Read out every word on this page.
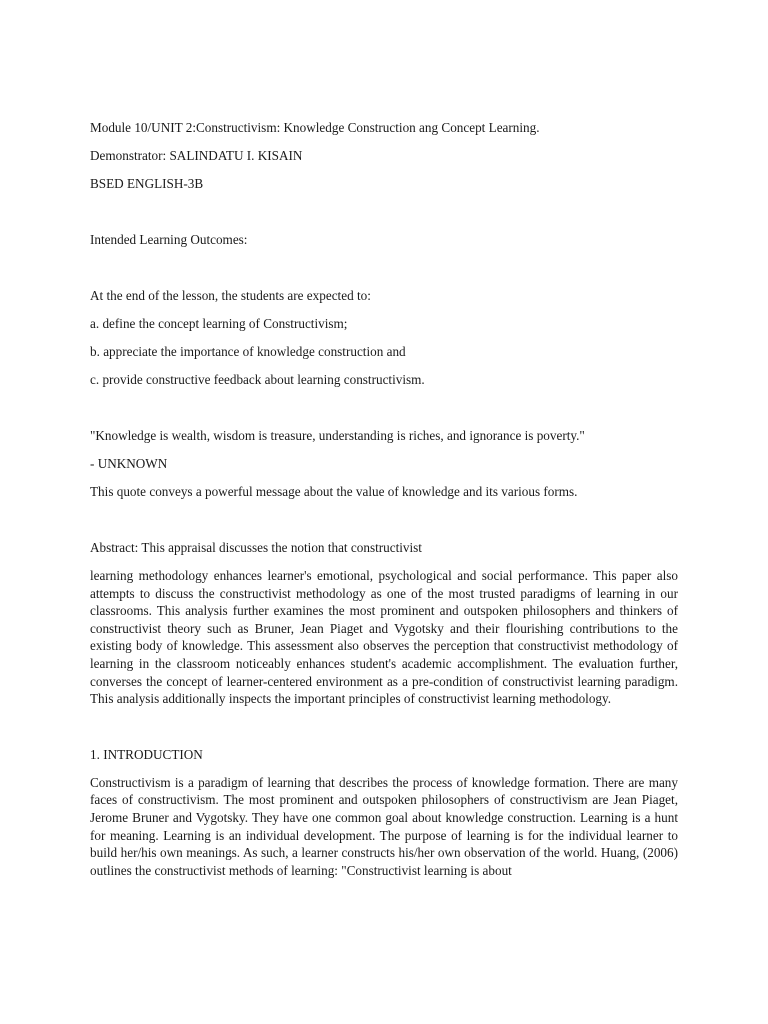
Module 10/UNIT 2:Constructivism: Knowledge Construction ang Concept Learning.

Demonstrator: SALINDATU I. KISAIN

BSED ENGLISH-3B

Intended Learning Outcomes:

At the end of the lesson, the students are expected to:

a. define the concept learning of Constructivism;

b. appreciate the importance of knowledge construction and

c. provide constructive feedback about learning constructivism.

"Knowledge is wealth, wisdom is treasure, understanding is riches, and ignorance is poverty."

- UNKNOWN

This quote conveys a powerful message about the value of knowledge and its various forms.

Abstract: This appraisal discusses the notion that constructivist

learning methodology enhances learner's emotional, psychological and social performance. This paper also attempts to discuss the constructivist methodology as one of the most trusted paradigms of learning in our classrooms. This analysis further examines the most prominent and outspoken philosophers and thinkers of constructivist theory such as Bruner, Jean Piaget and Vygotsky and their flourishing contributions to the existing body of knowledge. This assessment also observes the perception that constructivist methodology of learning in the classroom noticeably enhances student's academic accomplishment. The evaluation further, converses the concept of learner-centered environment as a pre-condition of constructivist learning paradigm. This analysis additionally inspects the important principles of constructivist learning methodology.

1. INTRODUCTION

Constructivism is a paradigm of learning that describes the process of knowledge formation. There are many faces of constructivism. The most prominent and outspoken philosophers of constructivism are Jean Piaget, Jerome Bruner and Vygotsky. They have one common goal about knowledge construction. Learning is a hunt for meaning. Learning is an individual development. The purpose of learning is for the individual learner to build her/his own meanings. As such, a learner constructs his/her own observation of the world. Huang, (2006) outlines the constructivist methods of learning: "Constructivist learning is about
